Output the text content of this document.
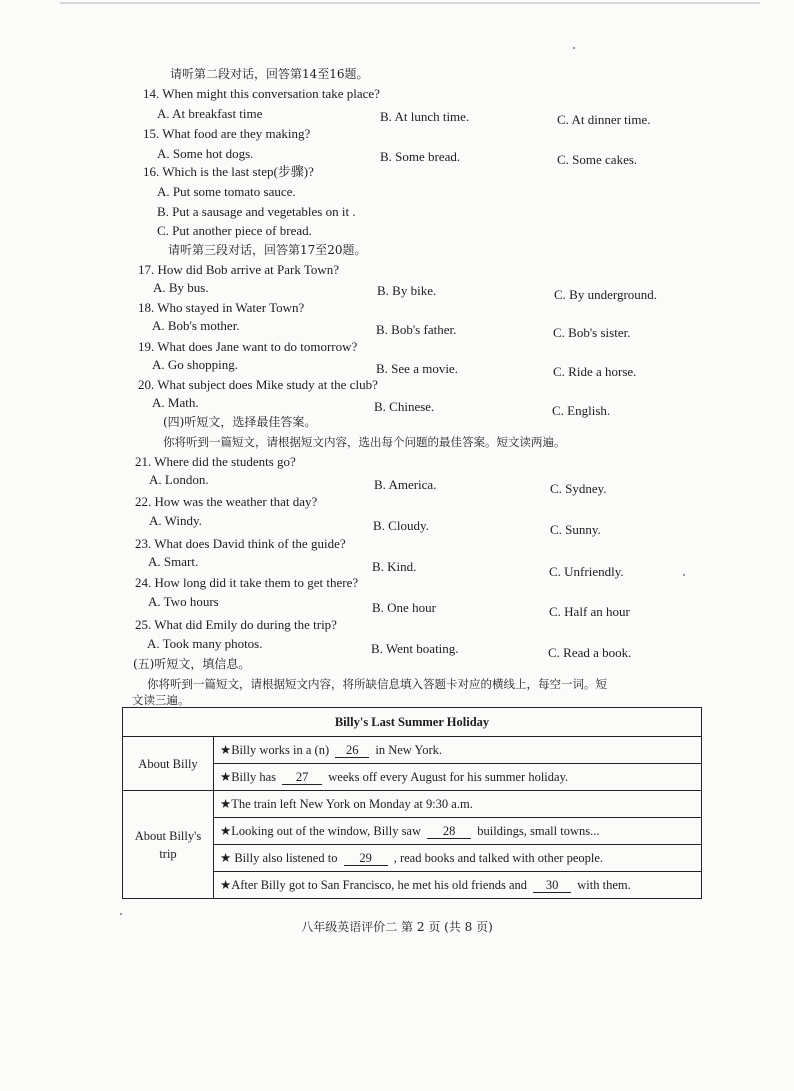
请听第二段对话，回答第14至16题。
14. When might this conversation take place?
A. At breakfast time	B. At lunch time.	C. At dinner time.
15. What food are they making?
A. Some hot dogs.	B. Some bread.	C. Some cakes.
16. Which is the last step(步骤)?
A. Put some tomato sauce.
B. Put a sausage and vegetables on it .
C. Put another piece of bread.
请听第三段对话，回答第17至20题。
17. How did Bob arrive at Park Town?
A. By bus.	B. By bike.	C. By underground.
18. Who stayed in Water Town?
A. Bob's mother.	B. Bob's father.	C. Bob's sister.
19. What does Jane want to do tomorrow?
A. Go shopping.	B. See a movie.	C. Ride a horse.
20. What subject does Mike study at the club?
A. Math.	B. Chinese.	C. English.
(四)听短文，选择最佳答案。
你将听到一篇短文，请根据短文内容，选出每个问题的最佳答案。短文读两遍。
21. Where did the students go?
A. London.	B. America.	C. Sydney.
22. How was the weather that day?
A. Windy.	B. Cloudy.	C. Sunny.
23. What does David think of the guide?
A. Smart.	B. Kind.	C. Unfriendly.
24. How long did it take them to get there?
A. Two hours	B. One hour	C. Half an hour
25. What did Emily do during the trip?
A. Took many photos.	B. Went boating.	C. Read a book.
(五)听短文，填信息。
你将听到一篇短文，请根据短文内容，将所缺信息填入答题卡对应的横线上，每空一词。短
文读三遍。
Billy's Last Summer Holiday	
About Billy	★Billy works in a (n) 26 in New York.
	★Billy has 27 weeks off every August for his summer holiday.
About Billy's
trip	★The train left New York on Monday at 9:30 a.m.
	★Looking out of the window, Billy saw 28 buildings, small towns...
	★ Billy also listened to 29 , read books and talked with other people.
	★After Billy got to San Francisco, he met his old friends and 30 with them.
八年级英语评价二 第 2 页 (共 8 页)
